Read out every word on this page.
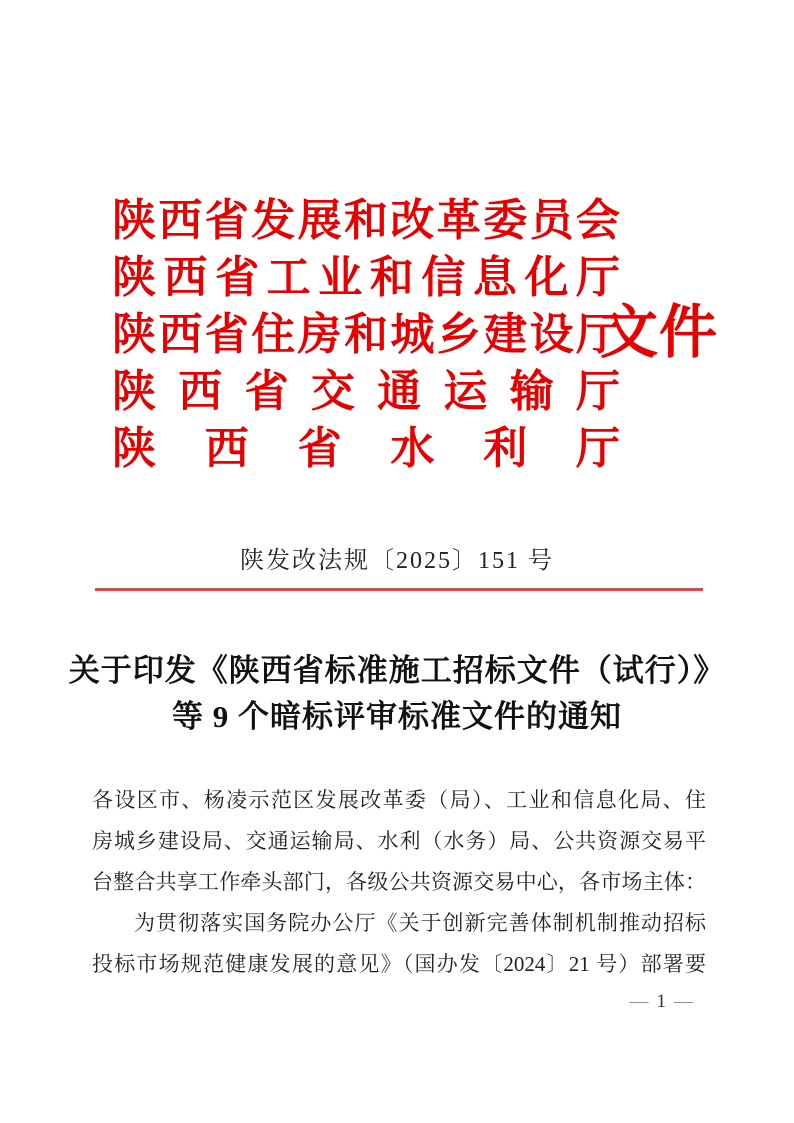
陕西省发展和改革委员会
陕西省工业和信息化厅
陕西省住房和城乡建设厅
陕西省交通运输厅
陕西省水利厅
文件
陕发改法规〔2025〕151 号
关于印发《陕西省标准施工招标文件（试行）》
等 9 个暗标评审标准文件的通知
各设区市、杨凌示范区发展改革委（局）、工业和信息化局、住
房城乡建设局、交通运输局、水利（水务）局、公共资源交易平
台整合共享工作牵头部门，各级公共资源交易中心，各市场主体：
为贯彻落实国务院办公厅《关于创新完善体制机制推动招标
投标市场规范健康发展的意见》（国办发〔2024〕21 号）部署要
— 1 —
